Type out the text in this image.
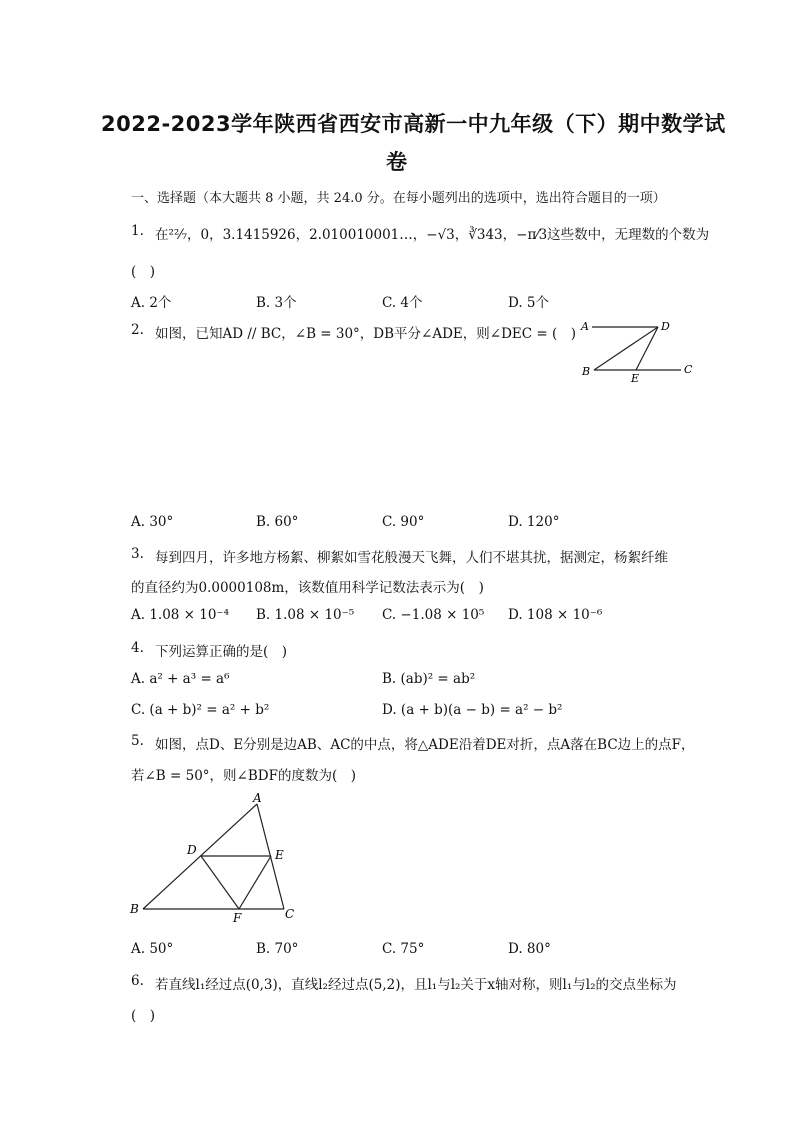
2022-2023学年陕西省西安市高新一中九年级（下）期中数学试
卷
一、选择题（本大题共 8 小题，共 24.0 分。在每小题列出的选项中，选出符合题目的一项）
1. 在²²⁄₇，0，3.1415926，2.010010001…，−√3，∛343，−π⁄3这些数中，无理数的个数为
(　)
A. 2个	B. 3个	C. 4个	D. 5个
2. 如图，已知AD // BC，∠B = 30°，DB平分∠ADE，则∠DEC = (　) A	D
B
E
C
A. 30°	B. 60°	C. 90°	D. 120°
3. 每到四月，许多地方杨絮、柳絮如雪花般漫天飞舞，人们不堪其扰，据测定，杨絮纤维
的直径约为0.0000108m，该数值用科学记数法表示为(　)
A. 1.08 × 10⁻⁴ B. 1.08 × 10⁻⁵ C. −1.08 × 10⁵ D. 108 × 10⁻⁶
4. 下列运算正确的是(　)
A. a² + a³ = a⁶	B. (ab)² = ab²
C. (a + b)² = a² + b²	D. (a + b)(a − b) = a² − b²
5. 如图，点D、E分别是边AB、AC的中点，将△ADE沿着DE对折，点A落在BC边上的点F，
若∠B = 50°，则∠BDF的度数为(　)
A
D	E
B
F	C
A. 50°	B. 70°	C. 75°	D. 80°
6. 若直线l₁经过点(0,3)，直线l₂经过点(5,2)，且l₁与l₂关于x轴对称，则l₁与l₂的交点坐标为
(　)
